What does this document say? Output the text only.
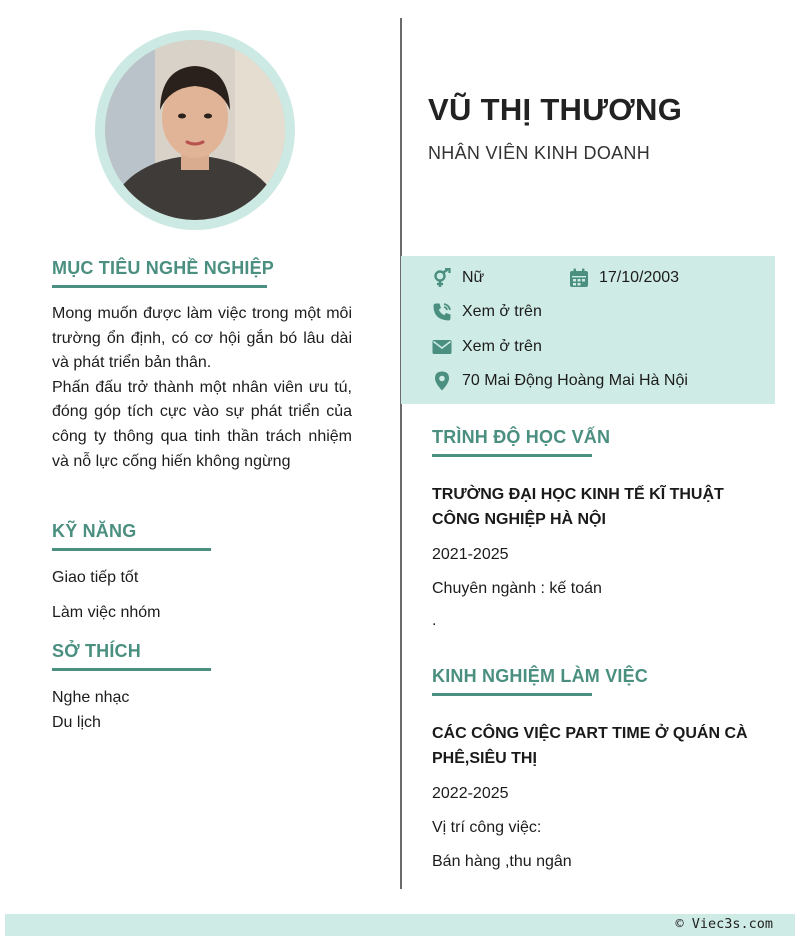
VŨ THỊ THƯƠNG
NHÂN VIÊN KINH DOANH
MỤC TIÊU NGHỀ NGHIỆP
Mong muốn được làm việc trong một môi trường ổn định, có cơ hội gắn bó lâu dài và phát triển bản thân.
Phấn đấu trở thành một nhân viên ưu tú, đóng góp tích cực vào sự phát triển của công ty thông qua tinh thần trách nhiệm và nỗ lực cống hiến không ngừng
KỸ NĂNG
Giao tiếp tốt
Làm việc nhóm
SỞ THÍCH
Nghe nhạc
Du lịch
Nữ	17/10/2003
Xem ở trên
Xem ở trên
70 Mai Động Hoàng Mai Hà Nội
TRÌNH ĐỘ HỌC VẤN
TRƯỜNG ĐẠI HỌC KINH TẾ KĨ THUẬT CÔNG NGHIỆP HÀ NỘI
2021-2025
Chuyên ngành : kế toán
.
KINH NGHIỆM LÀM VIỆC
CÁC CÔNG VIỆC PART TIME Ở QUÁN CÀ PHÊ,SIÊU THỊ
2022-2025
Vị trí công việc:
Bán hàng ,thu ngân
© Viec3s.com
